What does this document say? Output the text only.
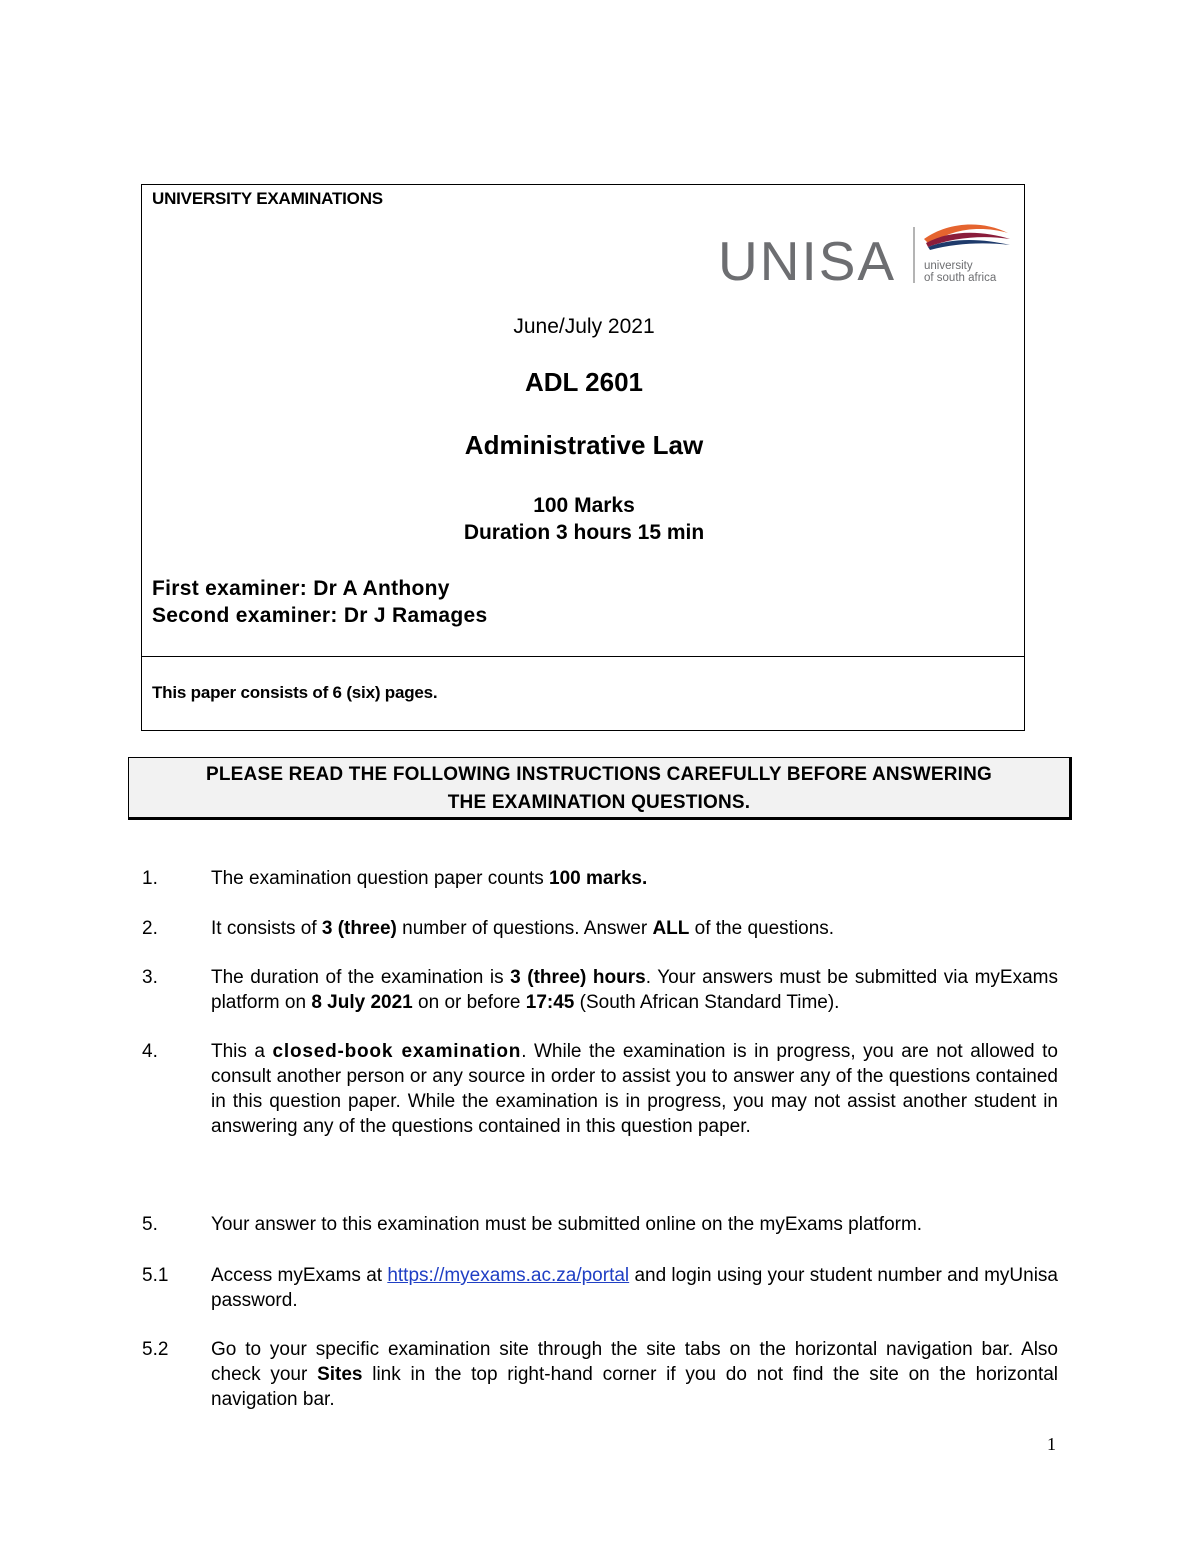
UNIVERSITY EXAMINATIONS
UNISA university
of south africa
June/July 2021
ADL 2601
Administrative Law
100 Marks
Duration 3 hours 15 min
First examiner: Dr A Anthony
Second examiner: Dr J Ramages
This paper consists of 6 (six) pages.
PLEASE READ THE FOLLOWING INSTRUCTIONS CAREFULLY BEFORE ANSWERING
THE EXAMINATION QUESTIONS.
1.	The examination question paper counts 100 marks.
2.	It consists of 3 (three) number of questions. Answer ALL of the questions.
3.	The duration of the examination is 3 (three) hours. Your answers must be submitted via myExams platform on 8 July 2021 on or before 17:45 (South African Standard Time).
4.	This a closed-book examination. While the examination is in progress, you are not allowed to consult another person or any source in order to assist you to answer any of the questions contained in this question paper. While the examination is in progress, you may not assist another student in answering any of the questions contained in this question paper.
5.	Your answer to this examination must be submitted online on the myExams platform.
5.1 Access myExams at https://myexams.ac.za/portal and login using your student number and myUnisa password.
5.2 Go to your specific examination site through the site tabs on the horizontal navigation bar. Also check your Sites link in the top right-hand corner if you do not find the site on the horizontal navigation bar.
1
